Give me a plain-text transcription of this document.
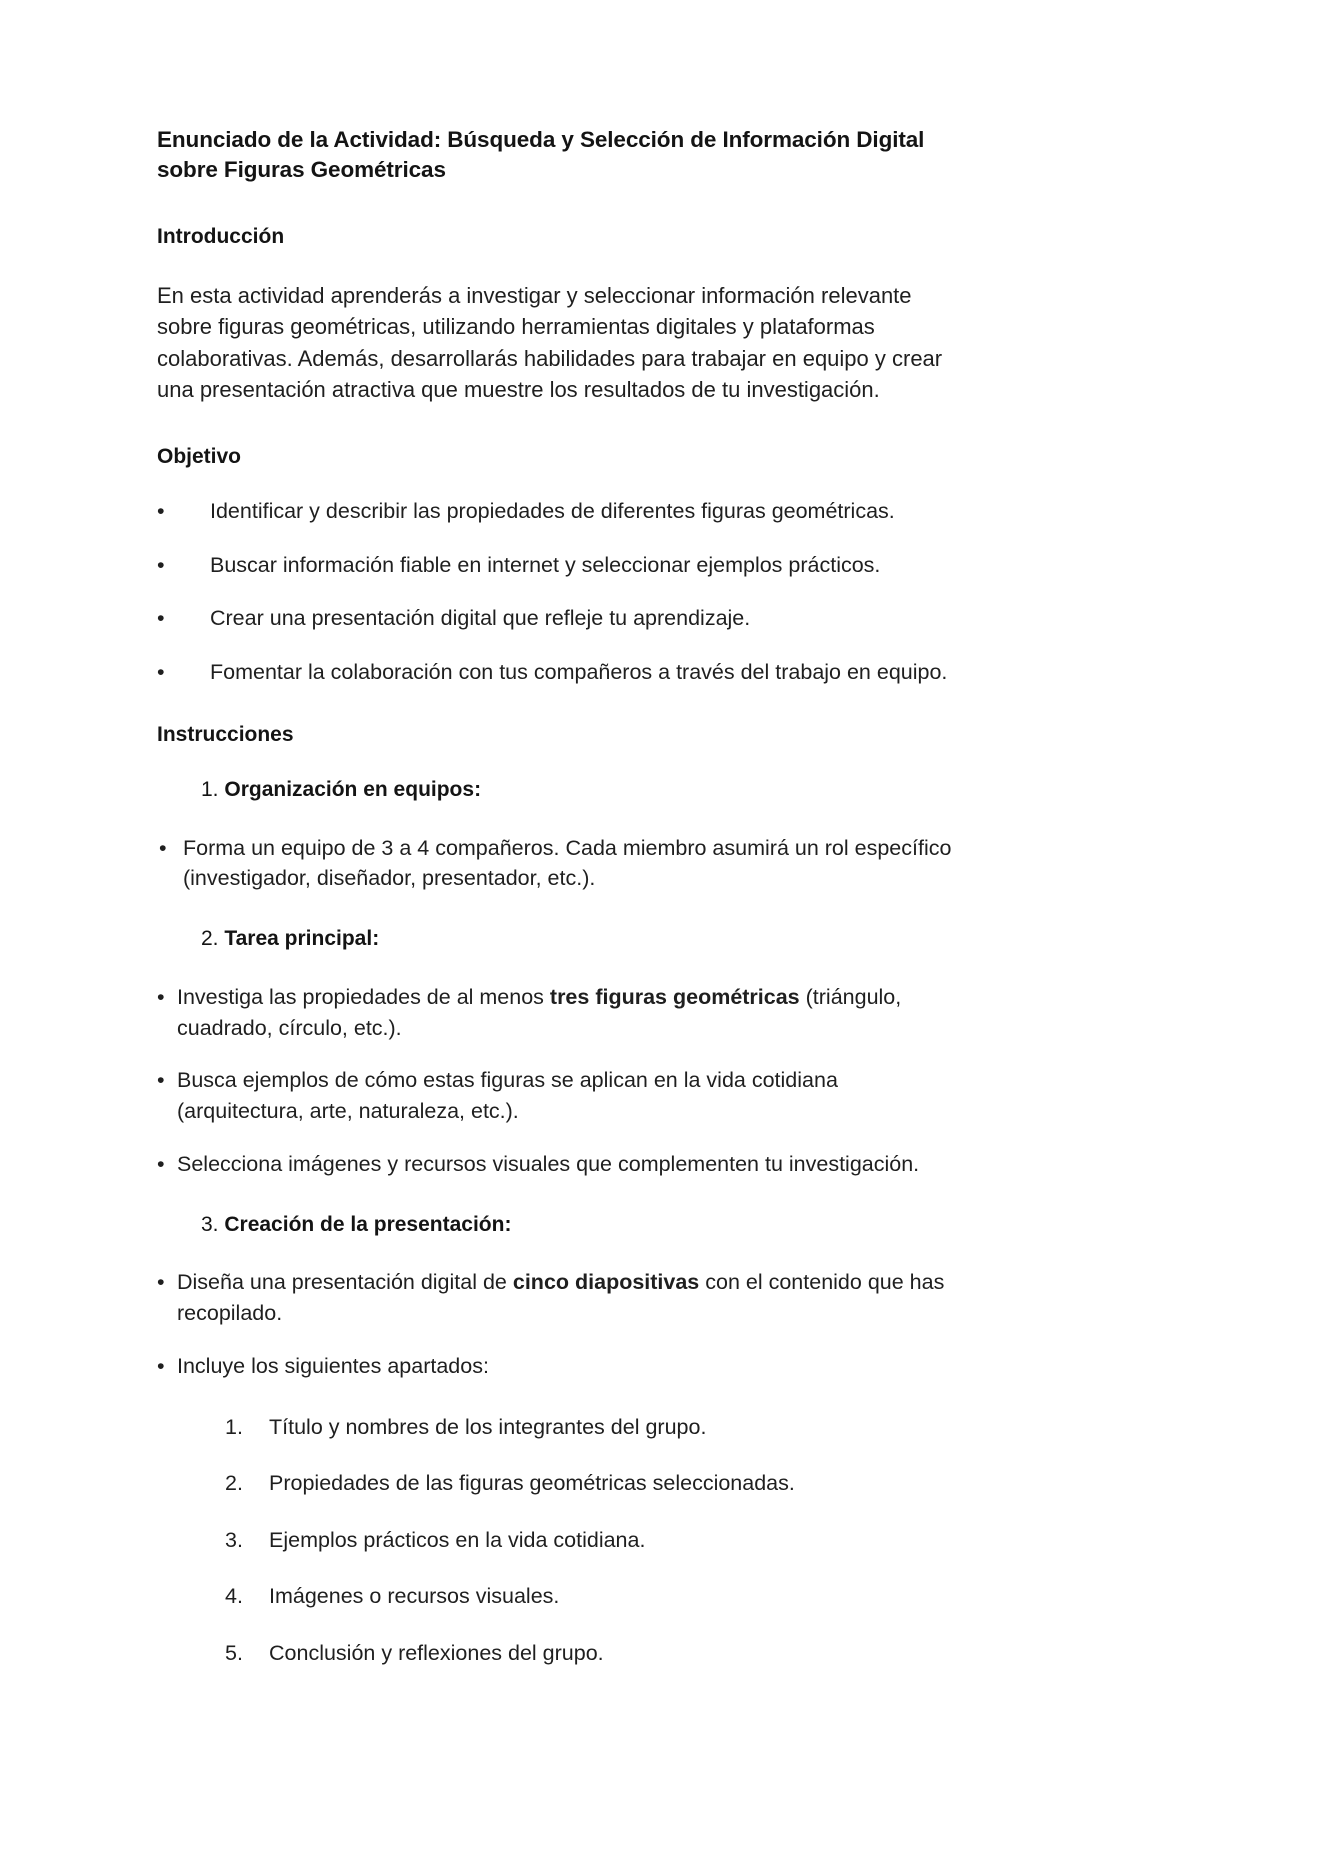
Enunciado de la Actividad: Búsqueda y Selección de Información Digital sobre Figuras Geométricas
Introducción

En esta actividad aprenderás a investigar y seleccionar información relevante sobre figuras geométricas, utilizando herramientas digitales y plataformas colaborativas. Además, desarrollarás habilidades para trabajar en equipo y crear una presentación atractiva que muestre los resultados de tu investigación.

Objetivo
• Identificar y describir las propiedades de diferentes figuras geométricas.
• Buscar información fiable en internet y seleccionar ejemplos prácticos.
• Crear una presentación digital que refleje tu aprendizaje.
• Fomentar la colaboración con tus compañeros a través del trabajo en equipo.
Instrucciones
1. Organización en equipos:
• Forma un equipo de 3 a 4 compañeros. Cada miembro asumirá un rol específico (investigador, diseñador, presentador, etc.).
2. Tarea principal:
• Investiga las propiedades de al menos tres figuras geométricas (triángulo, cuadrado, círculo, etc.).
• Busca ejemplos de cómo estas figuras se aplican en la vida cotidiana (arquitectura, arte, naturaleza, etc.).
• Selecciona imágenes y recursos visuales que complementen tu investigación.
3. Creación de la presentación:
• Diseña una presentación digital de cinco diapositivas con el contenido que has recopilado.
• Incluye los siguientes apartados:
1. Título y nombres de los integrantes del grupo.
2. Propiedades de las figuras geométricas seleccionadas.
3. Ejemplos prácticos en la vida cotidiana.
4. Imágenes o recursos visuales.
5. Conclusión y reflexiones del grupo.
